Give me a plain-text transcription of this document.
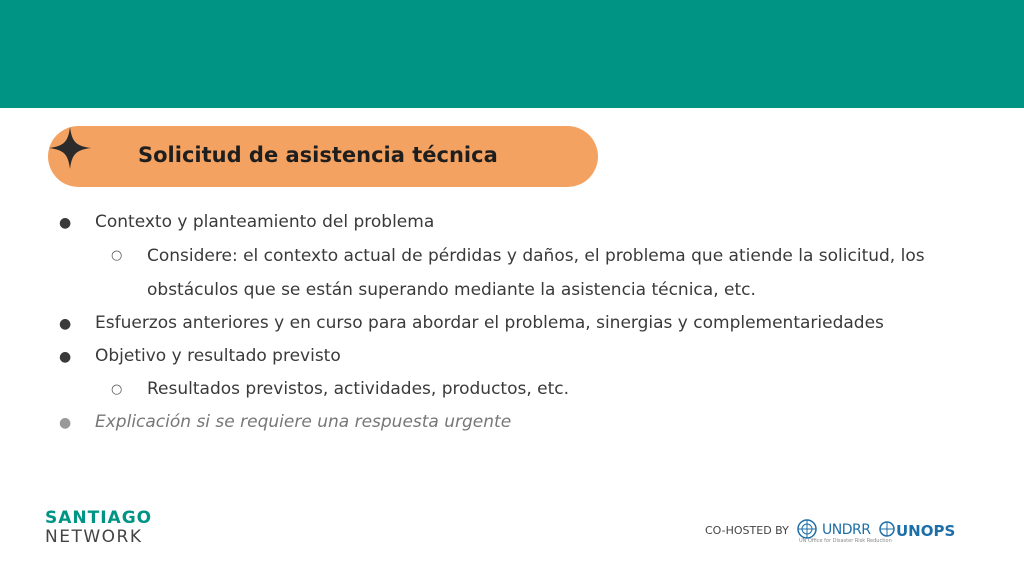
Solicitud de asistencia técnica
● Contexto y planteamiento del problema
○ Considere: el contexto actual de pérdidas y daños, el problema que atiende la solicitud, los
obstáculos que se están superando mediante la asistencia técnica, etc.
● Esfuerzos anteriores y en curso para abordar el problema, sinergias y complementariedades
● Objetivo y resultado previsto
○ Resultados previstos, actividades, productos, etc.
● Explicación si se requiere una respuesta urgente
SANTIAGO
NETWORK	CO-HOSTED BY UNDRR
UN Office for Disaster Risk Reduction
UNOPS
